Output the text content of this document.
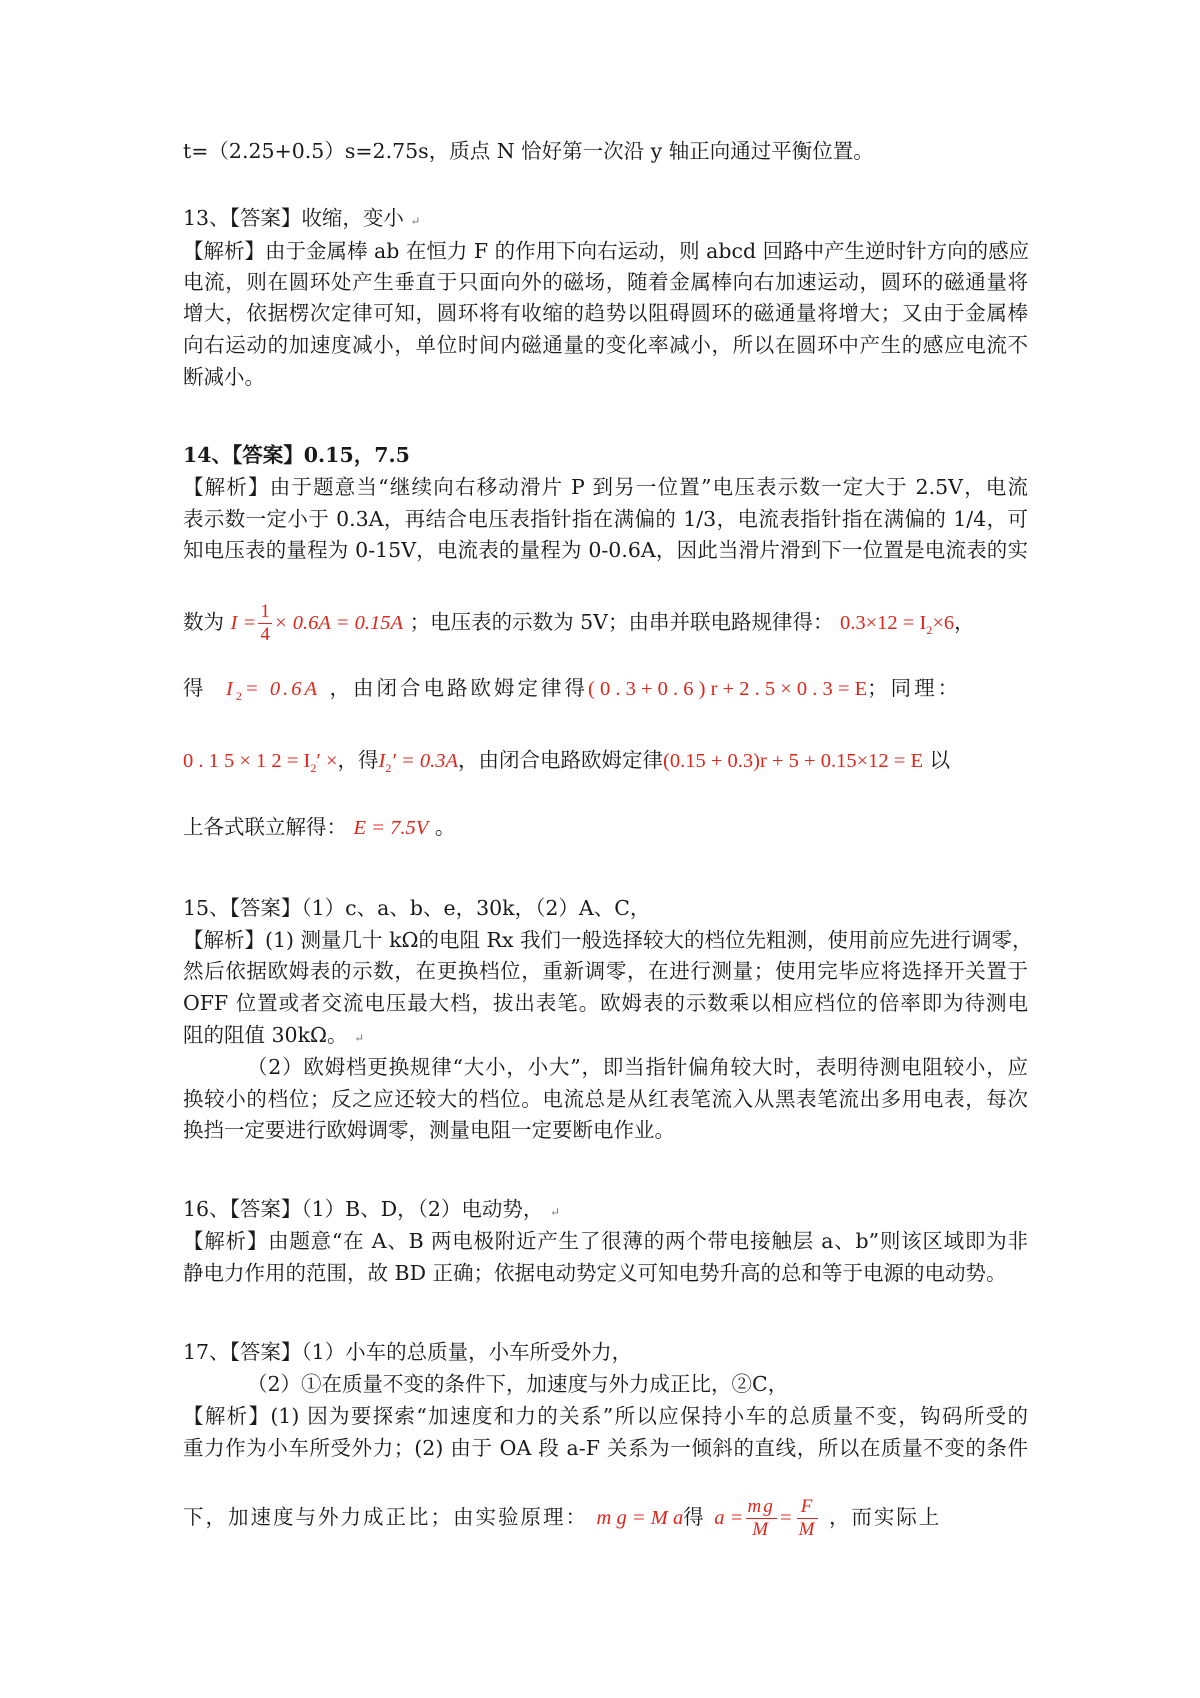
t=（2.25+0.5）s=2.75s，质点 N 恰好第一次沿 y 轴正向通过平衡位置。
13、【答案】收缩，变小 ↵
【解析】由于金属棒 ab 在恒力 F 的作用下向右运动，则 abcd 回路中产生逆时针方向的感应
电流，则在圆环处产生垂直于只面向外的磁场，随着金属棒向右加速运动，圆环的磁通量将
增大，依据楞次定律可知，圆环将有收缩的趋势以阻碍圆环的磁通量将增大；又由于金属棒
向右运动的加速度减小，单位时间内磁通量的变化率减小，所以在圆环中产生的感应电流不
断减小。
14、【答案】0.15，7.5
【解析】由于题意当“继续向右移动滑片 P 到另一位置”电压表示数一定大于 2.5V，电流
表示数一定小于 0.3A，再结合电压表指针指在满偏的 1/3，电流表指针指在满偏的 1/4，可
知电压表的量程为 0-15V，电流表的量程为 0-0.6A，因此当滑片滑到下一位置是电流表的实
数为 $I = \frac{1}{4} \times 0.6A = 0.15A$ ；电压表的示数为 5V；由串并联电路规律得： $0.3\times 12 = I_2\times 6$，
得 $I_2= 0.6A$ ，由闭合电路欧姆定律得( 0 . 3 + 0 . 6 ) r + 2 . 5 × 0 . 3 = E；同理：
0 . 1 5 × 1 $2 = I_2'$ ×，得$I_2' = 0.3A$，由闭合电路欧姆定律(0.15 + 0.3)r + 5 + 0.15×12 = E 以
上各式联立解得： E = 7.5V 。
15、【答案】（1）c、a、b、e，30k，（2）A、C，
【解析】(1) 测量几十 kΩ的电阻 Rx 我们一般选择较大的档位先粗测，使用前应先进行调零，
然后依据欧姆表的示数，在更换档位，重新调零，在进行测量；使用完毕应将选择开关置于
OFF 位置或者交流电压最大档，拔出表笔。欧姆表的示数乘以相应档位的倍率即为待测电
阻的阻值 30kΩ。 ↵
（2）欧姆档更换规律“大小，小大”，即当指针偏角较大时，表明待测电阻较小，应
换较小的档位；反之应还较大的档位。电流总是从红表笔流入从黑表笔流出多用电表，每次
换挡一定要进行欧姆调零，测量电阻一定要断电作业。
16、【答案】（1）B、D，（2）电动势， ↵
【解析】由题意“在 A、B 两电极附近产生了很薄的两个带电接触层 a、b”则该区域即为非
静电力作用的范围，故 BD 正确；依据电动势定义可知电势升高的总和等于电源的电动势。
17、【答案】（1）小车的总质量，小车所受外力，
（2）①在质量不变的条件下，加速度与外力成正比，②C，
【解析】(1) 因为要探索“加速度和力的关系”所以应保持小车的总质量不变，钩码所受的
重力作为小车所受外力；(2) 由于 OA 段 a-F 关系为一倾斜的直线，所以在质量不变的条件
下，加速度与外力成正比；由实验原理： m g = M a得 $a = \frac{mg}{M} = \frac{F}{M}$ ，而实际上
